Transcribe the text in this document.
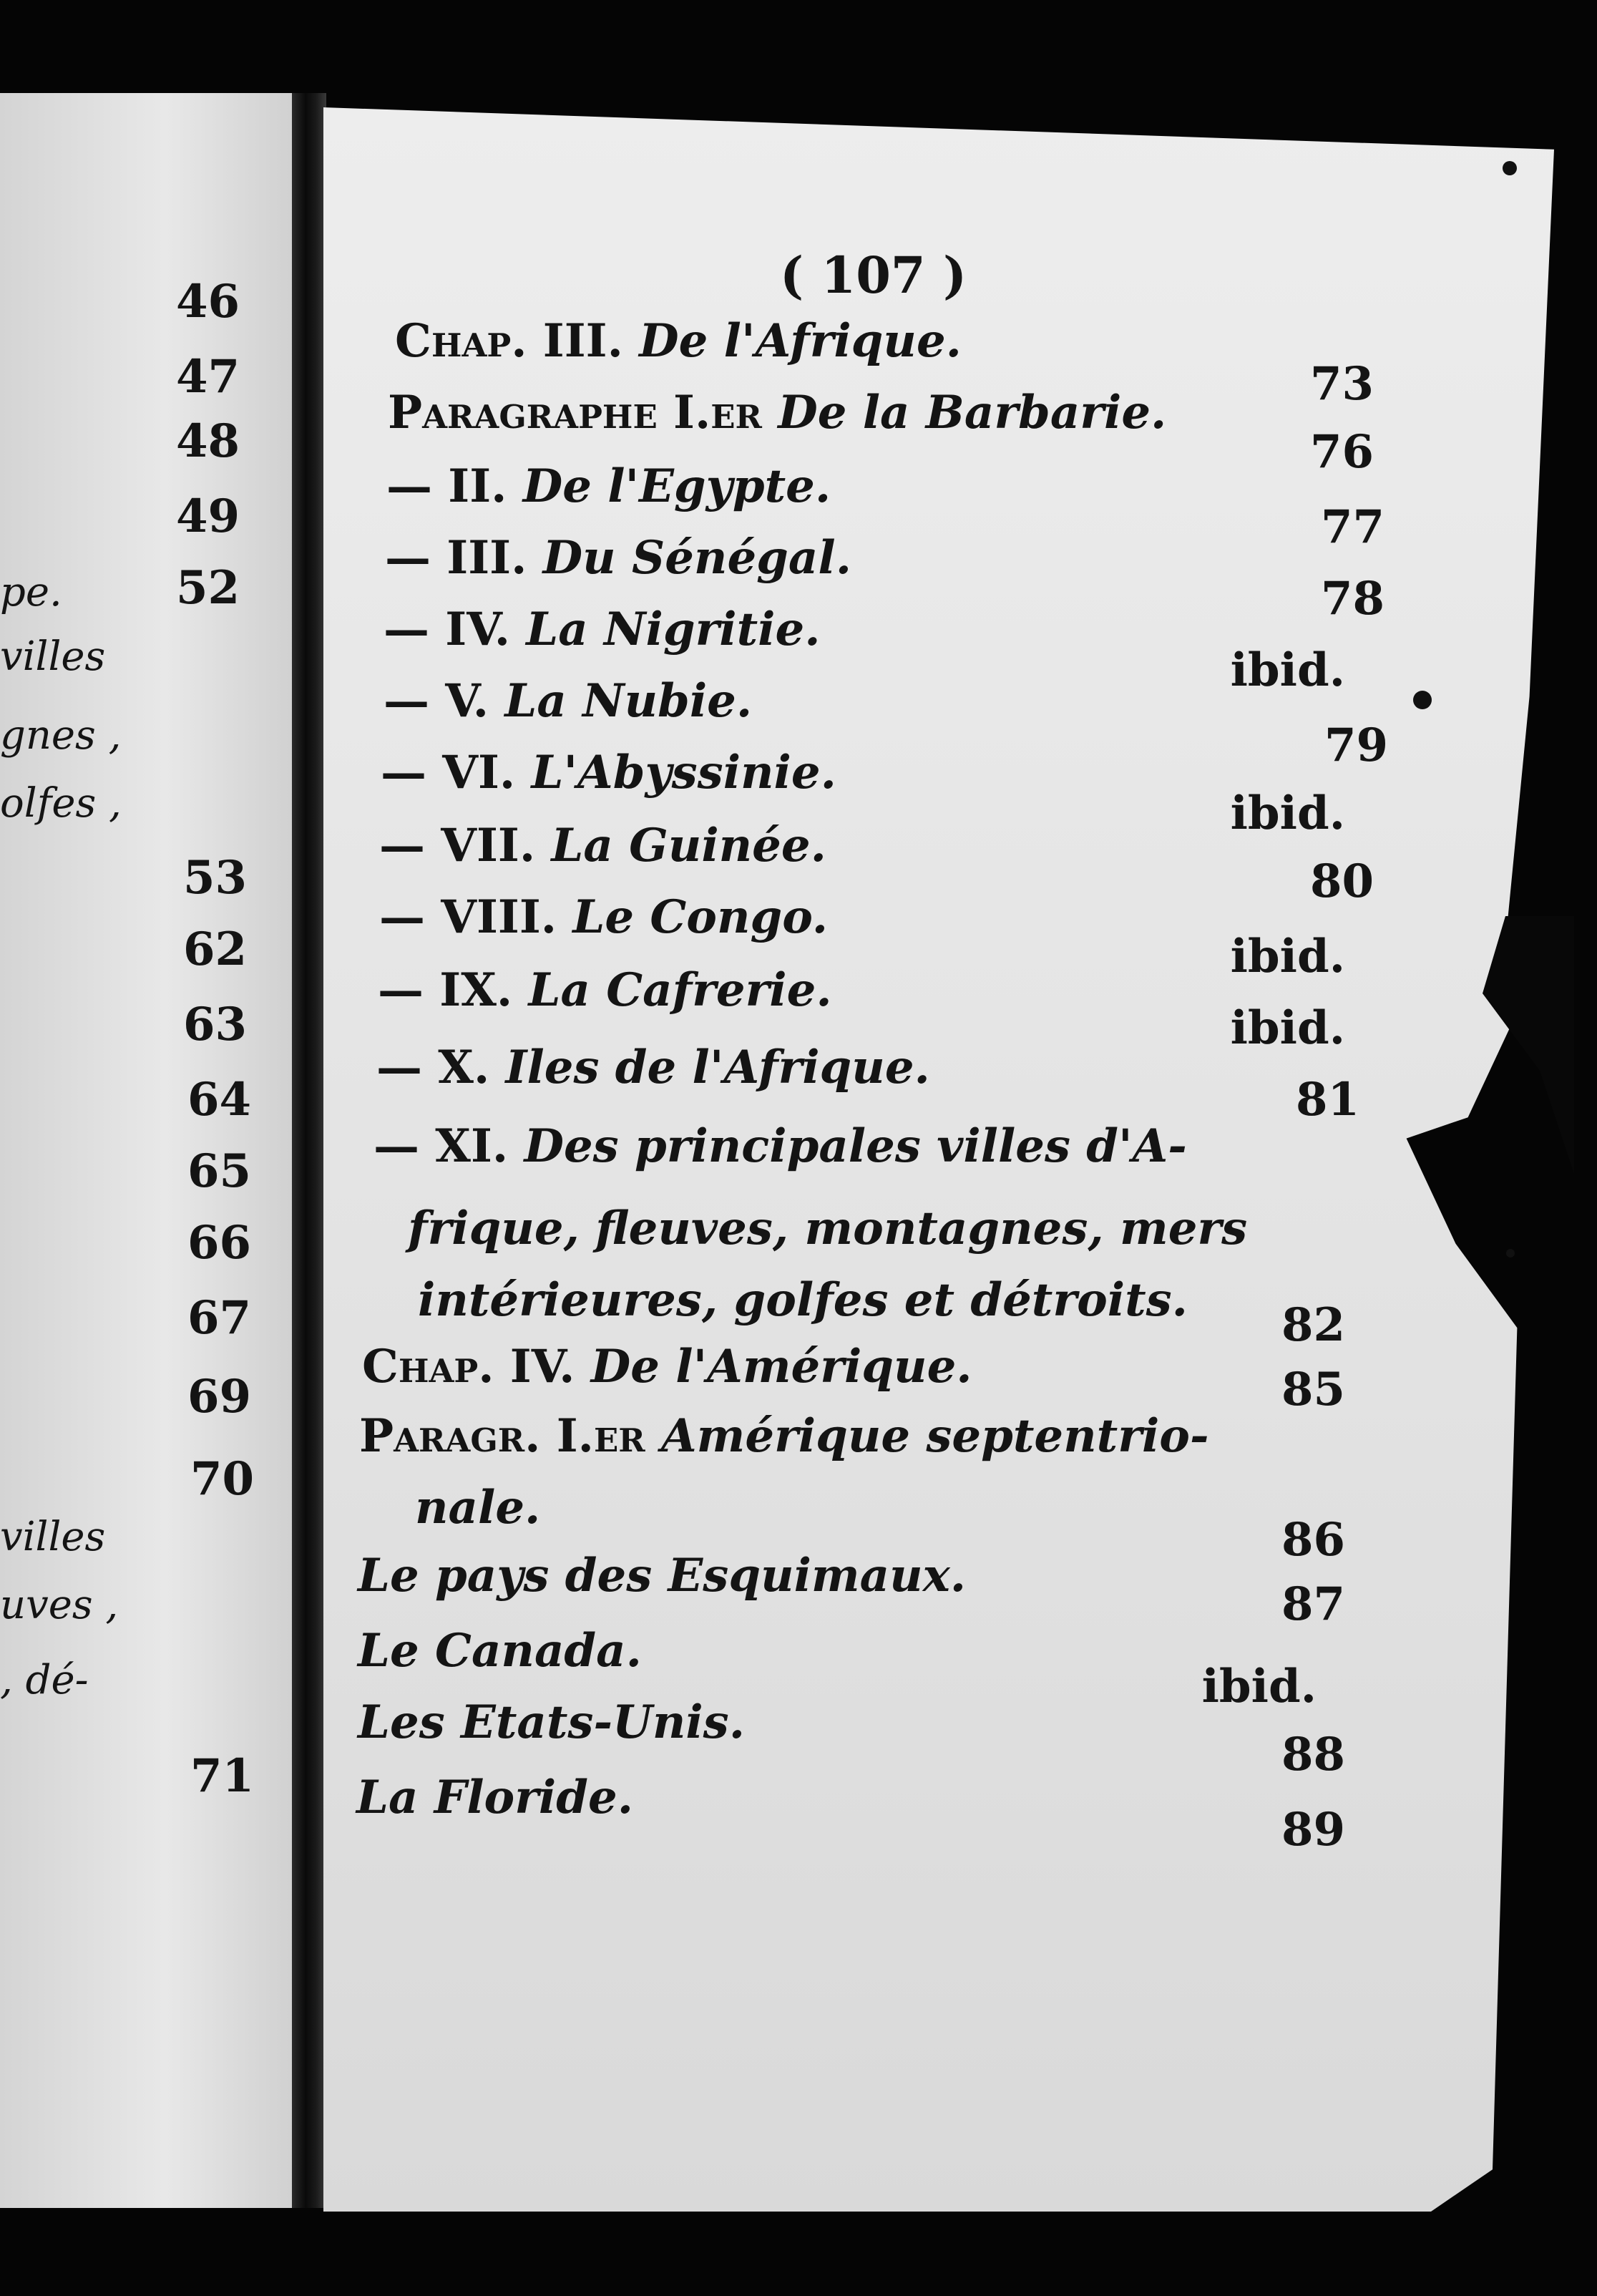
46
47
48
49
52
53
62
63
64
65
66
67
69
70
71
pe.
villes
gnes ,
olfes ,
villes
uves ,
, dé-
( 107 )
Chap. III. De l'Afrique.
73
Paragraphe I.er De la Barbarie.
76
— II. De l'Egypte.
77
— III. Du Sénégal.
78
— IV. La Nigritie.
ibid.
— V. La Nubie.
79
— VI. L'Abyssinie.
ibid.
— VII. La Guinée.
80
— VIII. Le Congo.
ibid.
— IX. La Cafrerie.
ibid.
— X. Iles de l'Afrique.
81
— XI. Des principales villes d'A-
frique, fleuves, montagnes, mers
intérieures, golfes et détroits.	82
Chap. IV. De l'Amérique.	85
Paragr. I.er Amérique septentrio-
nale.
86
Le pays des Esquimaux.
87
Le Canada.
ibid.
Les Etats-Unis.
88
La Floride.
89
